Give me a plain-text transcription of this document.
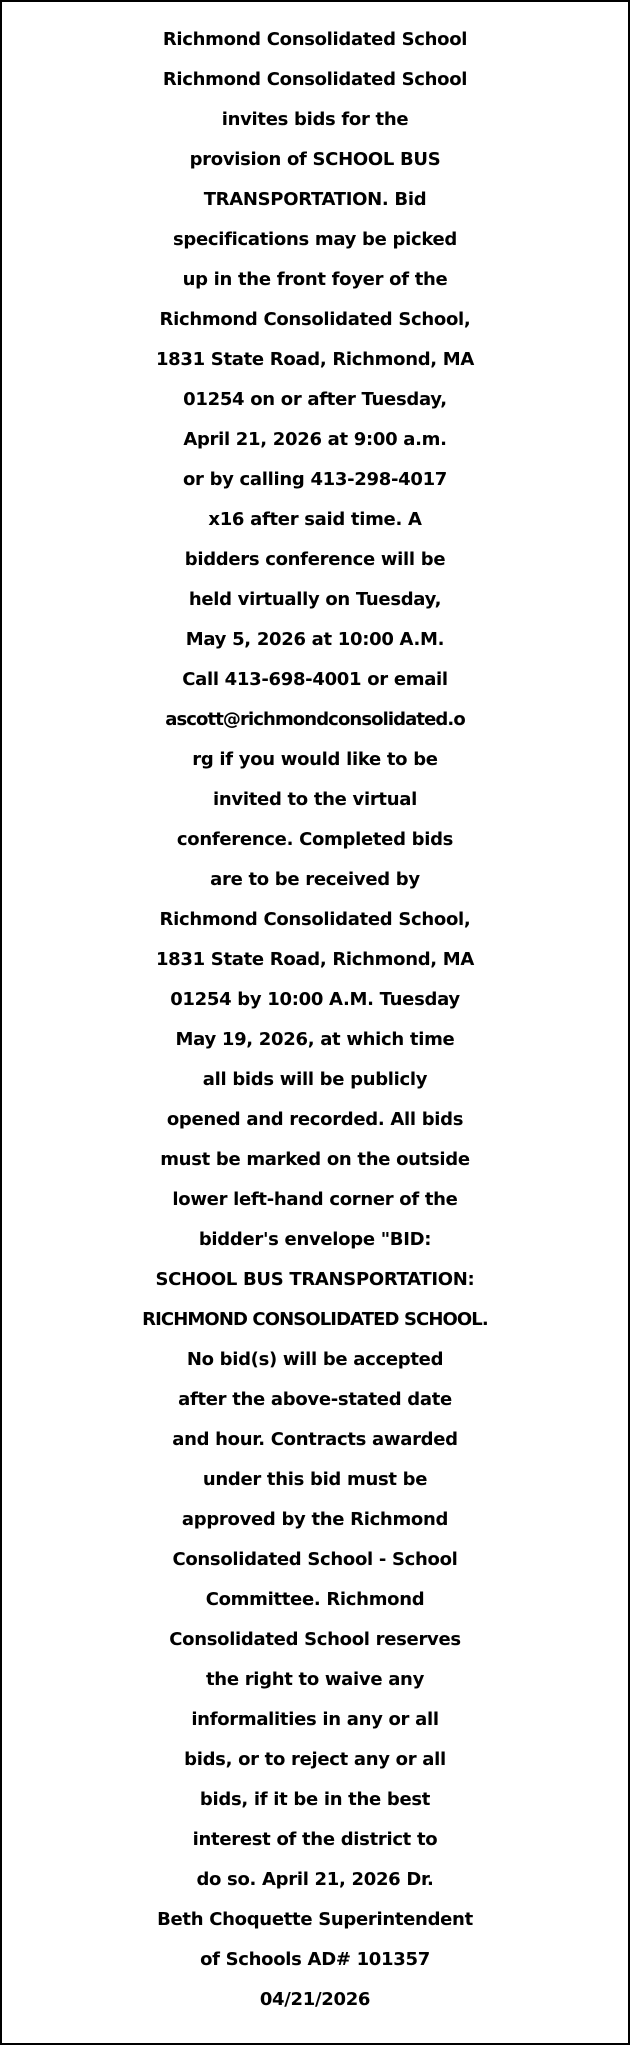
Richmond Consolidated School
Richmond Consolidated School
invites bids for the
provision of SCHOOL BUS
TRANSPORTATION. Bid
specifications may be picked
up in the front foyer of the
Richmond Consolidated School,
1831 State Road, Richmond, MA
01254 on or after Tuesday,
April 21, 2026 at 9:00 a.m.
or by calling 413-298-4017
x16 after said time. A
bidders conference will be
held virtually on Tuesday,
May 5, 2026 at 10:00 A.M.
Call 413-698-4001 or email
ascott@richmondconsolidated.o
rg if you would like to be
invited to the virtual
conference. Completed bids
are to be received by
Richmond Consolidated School,
1831 State Road, Richmond, MA
01254 by 10:00 A.M. Tuesday
May 19, 2026, at which time
all bids will be publicly
opened and recorded. All bids
must be marked on the outside
lower left-hand corner of the
bidder's envelope "BID:
SCHOOL BUS TRANSPORTATION:
RICHMOND CONSOLIDATED SCHOOL.
No bid(s) will be accepted
after the above-stated date
and hour. Contracts awarded
under this bid must be
approved by the Richmond
Consolidated School - School
Committee. Richmond
Consolidated School reserves
the right to waive any
informalities in any or all
bids, or to reject any or all
bids, if it be in the best
interest of the district to
do so. April 21, 2026 Dr.
Beth Choquette Superintendent
of Schools AD# 101357
04/21/2026
